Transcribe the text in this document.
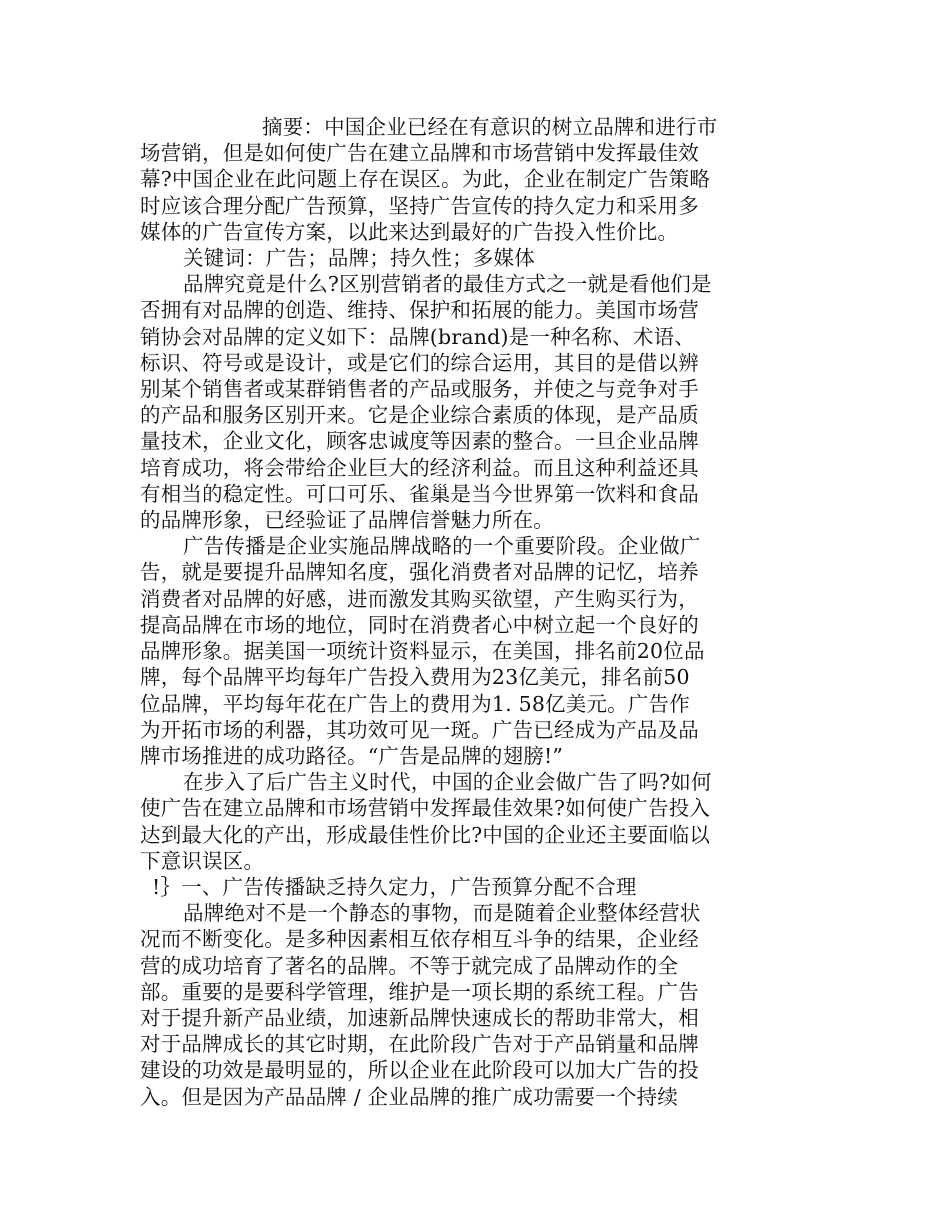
摘要：中国企业已经在有意识的树立品牌和进行市
场营销，但是如何使广告在建立品牌和市场营销中发挥最佳效
幕?中国企业在此问题上存在误区。为此，企业在制定广告策略
时应该合理分配广告预算，坚持广告宣传的持久定力和采用多
媒体的广告宣传方案，以此来达到最好的广告投入性价比。
关键词：广告；品牌；持久性；多媒体
品牌究竟是什么?区别营销者的最佳方式之一就是看他们是
否拥有对品牌的创造、维持、保护和拓展的能力。美国市场营
销协会对品牌的定义如下：品牌(brand)是一种名称、术语、
标识、符号或是设计，或是它们的综合运用，其目的是借以辨
别某个销售者或某群销售者的产品或服务，并使之与竞争对手
的产品和服务区别开来。它是企业综合素质的体现，是产品质
量技术，企业文化，顾客忠诚度等因素的整合。一旦企业品牌
培育成功，将会带给企业巨大的经济利益。而且这种利益还具
有相当的稳定性。可口可乐、雀巢是当今世界第一饮料和食品
的品牌形象，已经验证了品牌信誉魅力所在。
广告传播是企业实施品牌战略的一个重要阶段。企业做广
告，就是要提升品牌知名度，强化消费者对品牌的记忆，培养
消费者对品牌的好感，进而激发其购买欲望，产生购买行为，
提高品牌在市场的地位，同时在消费者心中树立起一个良好的
品牌形象。据美国一项统计资料显示，在美国，排名前20位品
牌，每个品牌平均每年广告投入费用为23亿美元，排名前50
位品牌，平均每年花在广告上的费用为1. 58亿美元。广告作
为开拓市场的利器，其功效可见一斑。广告已经成为产品及品
牌市场推进的成功路径。“广告是品牌的翅膀!”
在步入了后广告主义时代，中国的企业会做广告了吗?如何
使广告在建立品牌和市场营销中发挥最佳效果?如何使广告投入
达到最大化的产出，形成最佳性价比?中国的企业还主要面临以
下意识误区。
!｝一、广告传播缺乏持久定力，广告预算分配不合理
品牌绝对不是一个静态的事物，而是随着企业整体经营状
况而不断变化。是多种因素相互依存相互斗争的结果，企业经
营的成功培育了著名的品牌。不等于就完成了品牌动作的全
部。重要的是要科学管理，维护是一项长期的系统工程。广告
对于提升新产品业绩，加速新品牌快速成长的帮助非常大，相
对于品牌成长的其它时期，在此阶段广告对于产品销量和品牌
建设的功效是最明显的，所以企业在此阶段可以加大广告的投
入。但是因为产品品牌 / 企业品牌的推广成功需要一个持续
